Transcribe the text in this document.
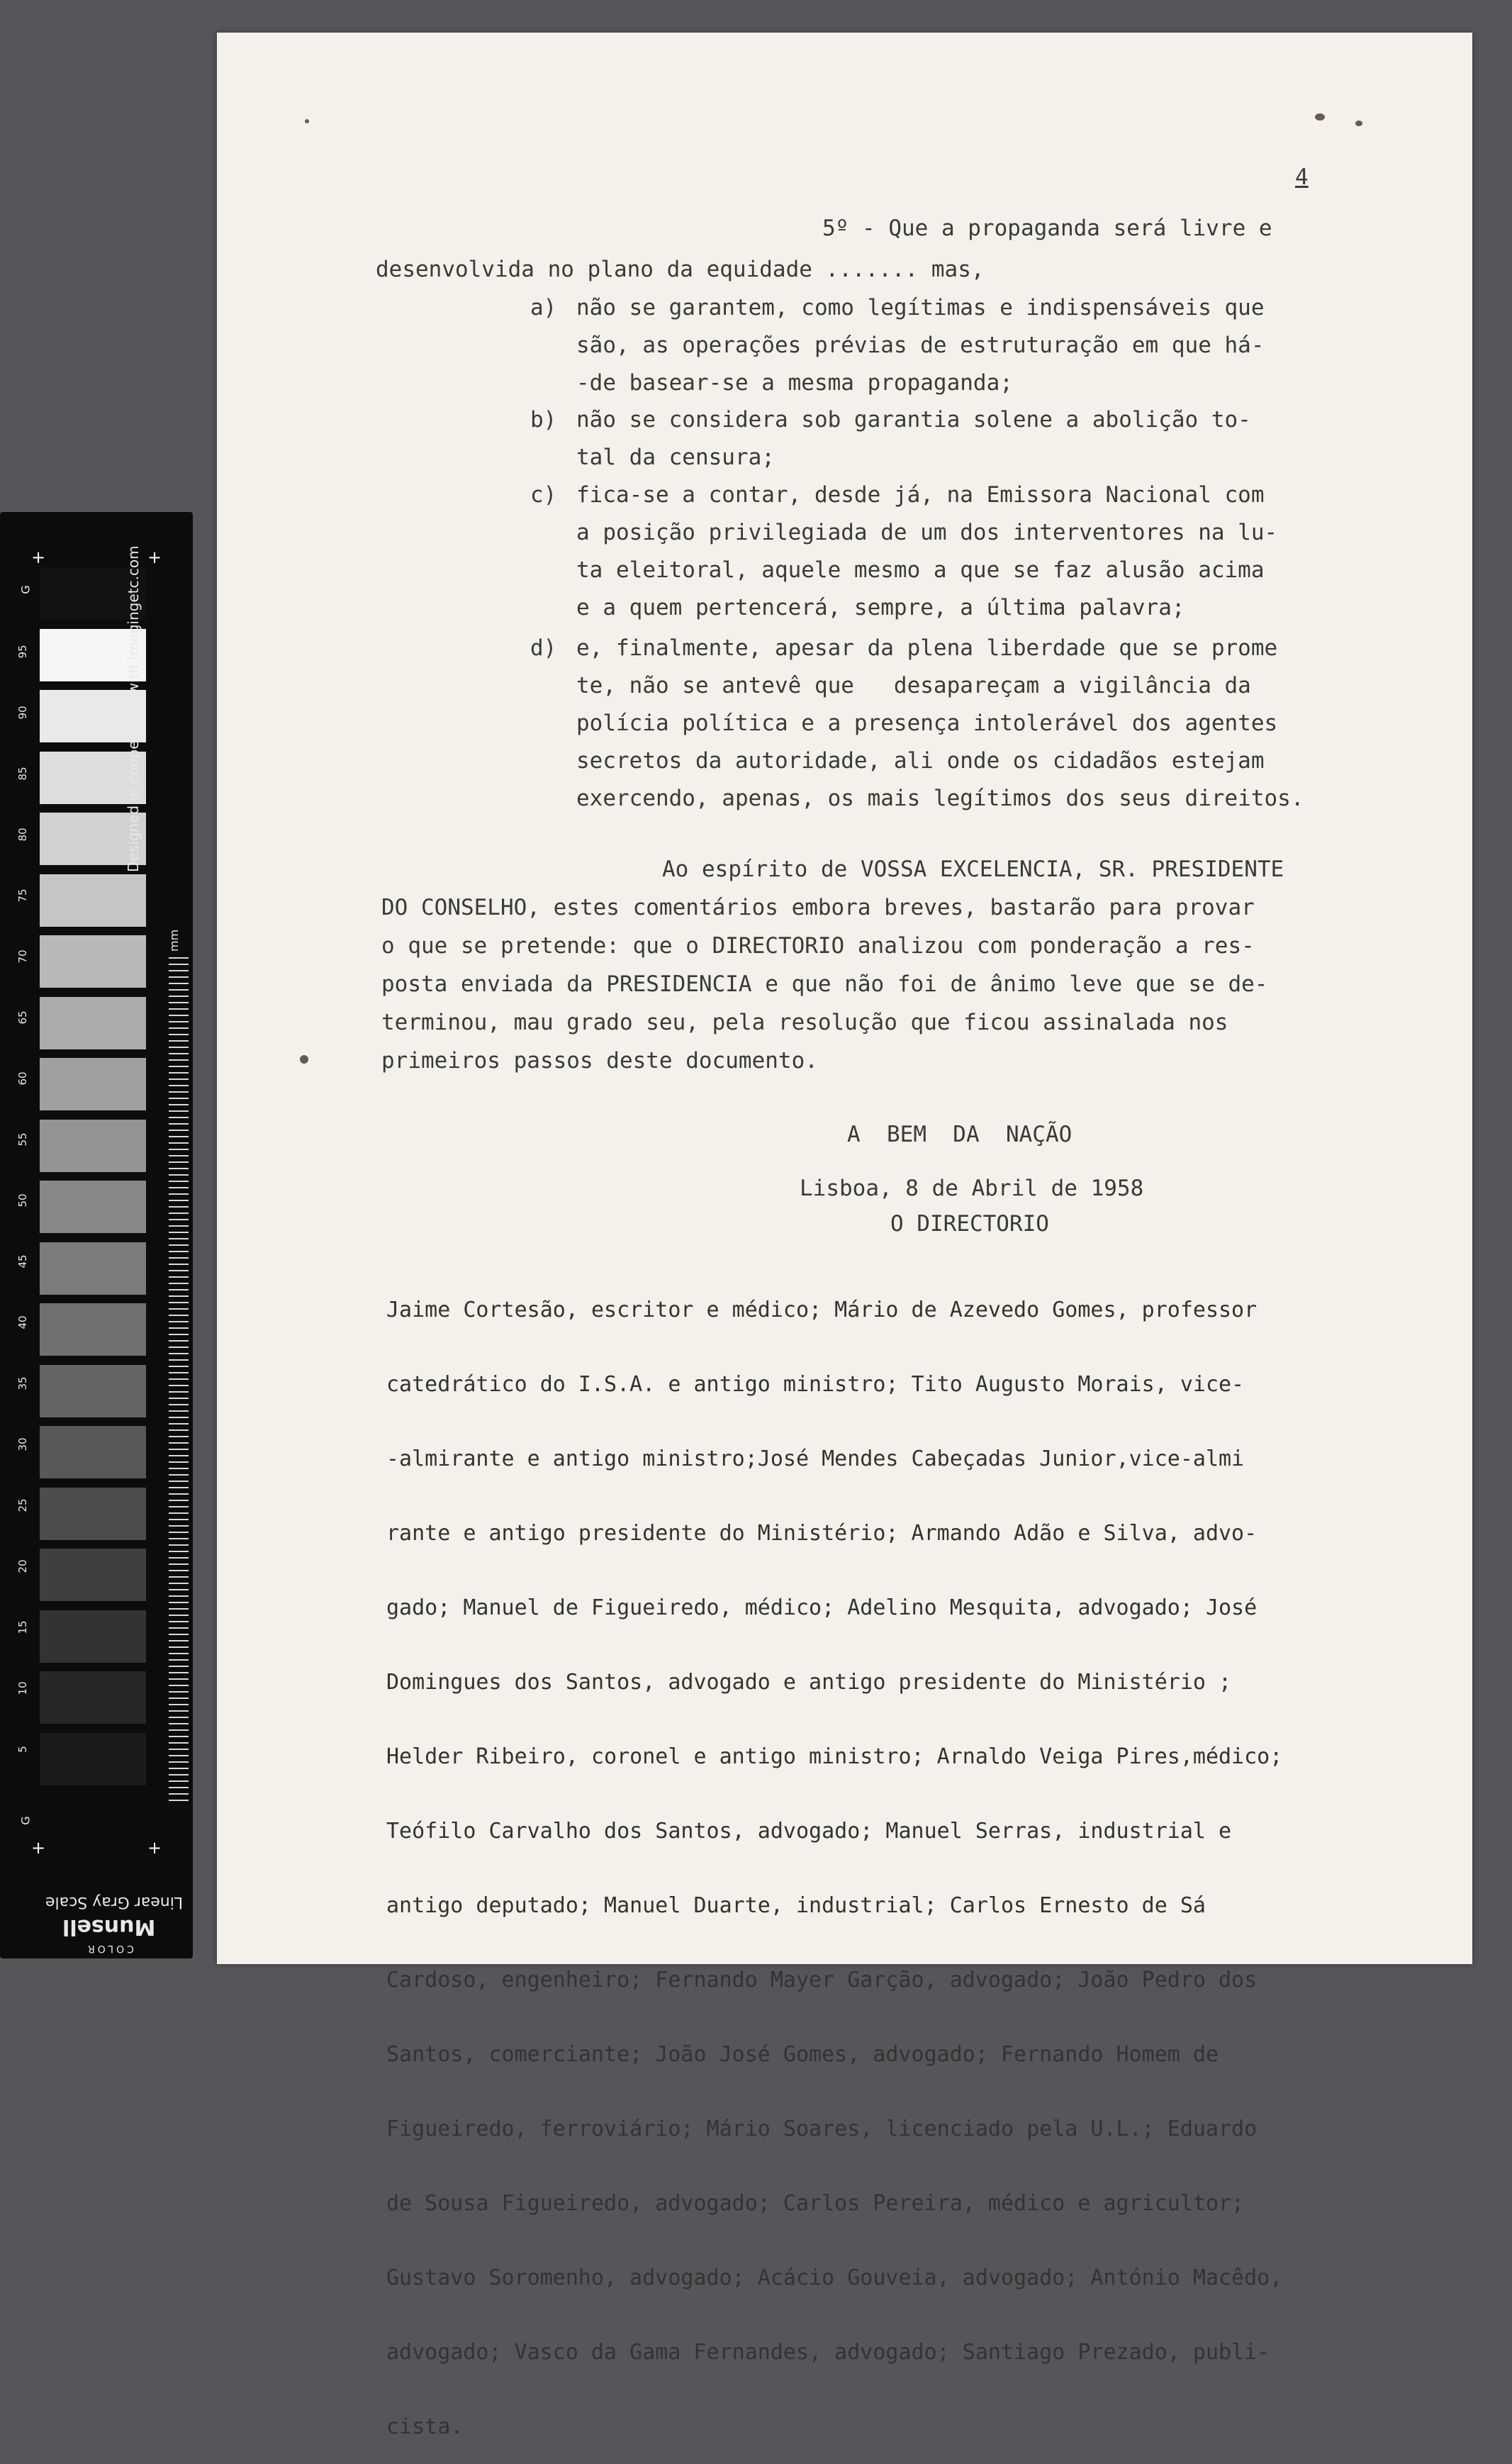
4
5º - Que a propaganda será livre e
desenvolvida no plano da equidade ....... mas,
a) não se garantem, como legítimas e indispensáveis que
são, as operações prévias de estruturação em que há-
-de basear-se a mesma propaganda;
b) não se considera sob garantia solene a abolição to-
tal da censura;
c) fica-se a contar, desde já, na Emissora Nacional com
a posição privilegiada de um dos interventores na lu-
ta eleitoral, aquele mesmo a que se faz alusão acima
e a quem pertencerá, sempre, a última palavra;
d) e, finalmente, apesar da plena liberdade que se prome
te, não se antevê que   desapareçam a vigilância da
polícia política e a presença intolerável dos agentes
secretos da autoridade, ali onde os cidadãos estejam
exercendo, apenas, os mais legítimos dos seus direitos.
Ao espírito de VOSSA EXCELENCIA, SR. PRESIDENTE
DO CONSELHO, estes comentários embora breves, bastarão para provar
o que se pretende: que o DIRECTORIO analizou com ponderação a res-
posta enviada da PRESIDENCIA e que não foi de ânimo leve que se de-
terminou, mau grado seu, pela resolução que ficou assinalada nos
primeiros passos deste documento.
A  BEM  DA  NAÇÃO
Lisboa, 8 de Abril de 1958
O DIRECTORIO

Jaime Cortesão, escritor e médico; Mário de Azevedo Gomes, professor

catedrático do I.S.A. e antigo ministro; Tito Augusto Morais, vice-

-almirante e antigo ministro;José Mendes Cabeçadas Junior,vice-almi

rante e antigo presidente do Ministério; Armando Adão e Silva, advo-

gado; Manuel de Figueiredo, médico; Adelino Mesquita, advogado; José

Domingues dos Santos, advogado e antigo presidente do Ministério ;

Helder Ribeiro, coronel e antigo ministro; Arnaldo Veiga Pires,médico;

Teófilo Carvalho dos Santos, advogado; Manuel Serras, industrial e

antigo deputado; Manuel Duarte, industrial; Carlos Ernesto de Sá

Cardoso, engenheiro; Fernando Mayer Garção, advogado; João Pedro dos

Santos, comerciante; João José Gomes, advogado; Fernando Homem de

Figueiredo, ferroviário; Mário Soares, licenciado pela U.L.; Eduardo

de Sousa Figueiredo, advogado; Carlos Pereira, médico e agricultor;

Gustavo Soromenho, advogado; Acácio Gouveia, advogado; António Macêdo,

advogado; Vasco da Gama Fernandes, advogado; Santiago Prezado, publi-

cista.

+	+
+	+
G
G
95
90
85
80
75
70
65
60
55
50
45
40
35
30
25
20
15
10
5
Designed in cooperation with imagingetc.com
mm
Linear Gray Scale
Munsell
COLOR
